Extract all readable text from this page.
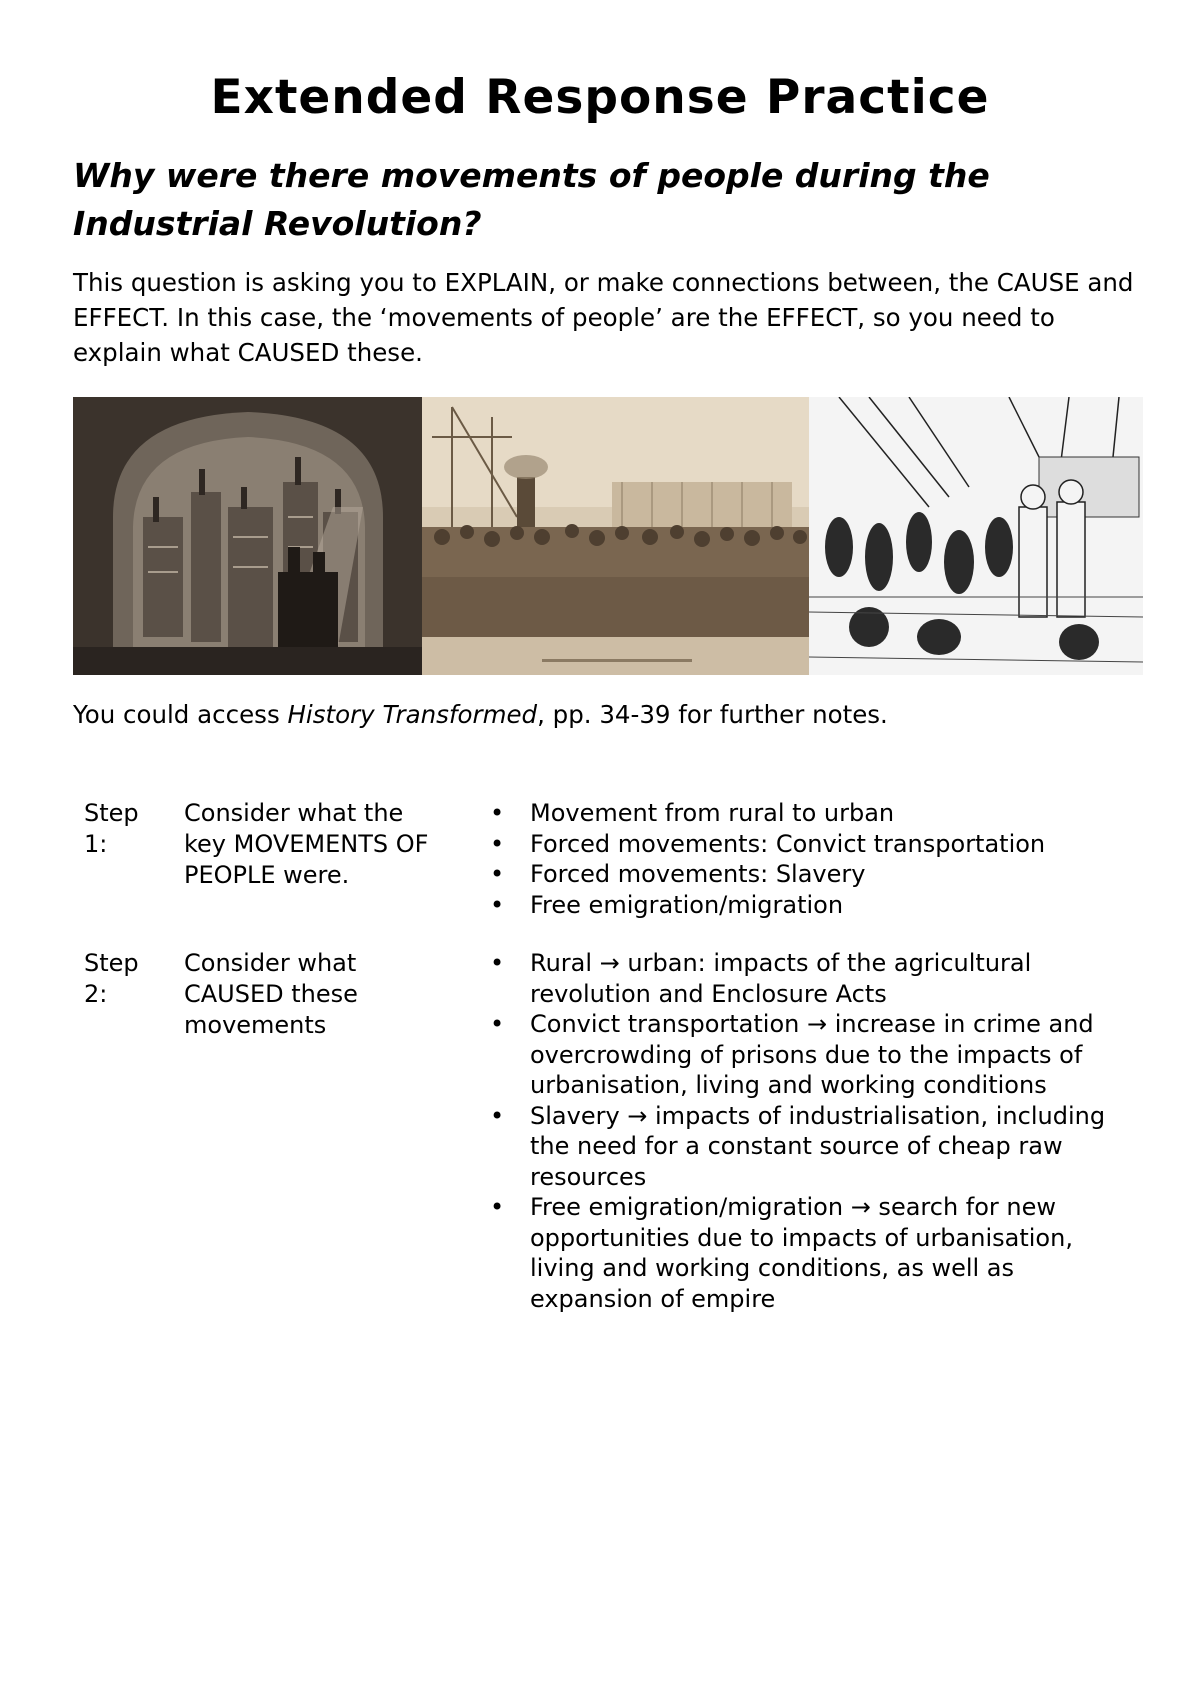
Extended Response Practice
Why were there movements of people during the Industrial Revolution?

This question is asking you to EXPLAIN, or make connections between, the CAUSE and EFFECT. In this case, the ‘movements of people’ are the EFFECT, so you need to explain what CAUSED these.

You could access History Transformed, pp. 34-39 for further notes.

Step 1:
Consider what the key MOVEMENTS OF PEOPLE were.
• Movement from rural to urban
• Forced movements: Convict transportation
• Forced movements: Slavery
• Free emigration/migration
Step 2:
Consider what CAUSED these movements
• Rural → urban: impacts of the agricultural revolution and Enclosure Acts
• Convict transportation → increase in crime and overcrowding of prisons due to the impacts of urbanisation, living and working conditions
• Slavery → impacts of industrialisation, including the need for a constant source of cheap raw resources
• Free emigration/migration → search for new opportunities due to impacts of urbanisation, living and working conditions, as well as expansion of empire
